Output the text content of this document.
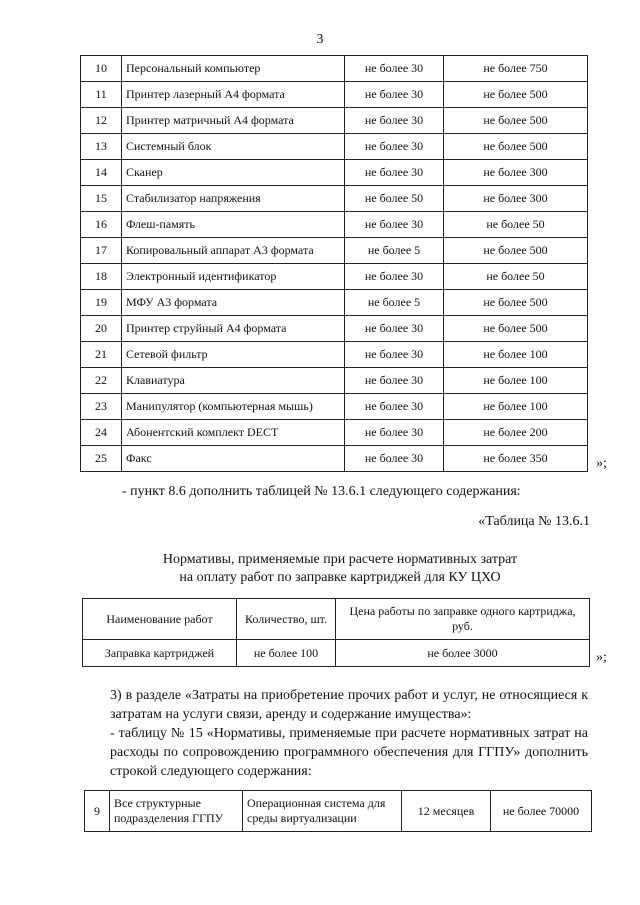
3
10	Персональный компьютер	не более 30	не более 750
11	Принтер лазерный А4 формата	не более 30	не более 500
12	Принтер матричный А4 формата	не более 30	не более 500
13	Системный блок	не более 30	не более 500
14	Сканер	не более 30	не более 300
15	Стабилизатор напряжения	не более 50	не более 300
16	Флеш-память	не более 30	не более 50
17	Копировальный аппарат А3 формата	не более 5	не более 500
18	Электронный идентификатор	не более 30	не более 50
19	МФУ А3 формата	не более 5	не более 500
20	Принтер струйный А4 формата	не более 30	не более 500
21	Сетевой фильтр	не более 30	не более 100
22	Клавиатура	не более 30	не более 100
23	Манипулятор (компьютерная мышь)	не более 30	не более 100
24	Абонентский комплект DECT	не более 30	не более 200
25	Факс	не более 30	не более 350	»;
- пункт 8.6 дополнить таблицей № 13.6.1 следующего содержания:
«Таблица № 13.6.1
Нормативы, применяемые при расчете нормативных затрат
на оплату работ по заправке картриджей для КУ ЦХО
Наименование работ	Количество, шт.	Цена работы по заправке одного картриджа, руб.
Заправка картриджей	не более 100	не более 3000	»;
3) в разделе «Затраты на приобретение прочих работ и услуг, не относящиеся к затратам на услуги связи, аренду и содержание имущества»:
- таблицу № 15 «Нормативы, применяемые при расчете нормативных затрат на расходы по сопровождению программного обеспечения для ГГПУ» дополнить строкой следующего содержания:
9	Все структурные подразделения ГГПУ	Операционная система для среды виртуализации	12 месяцев	не более 70000
